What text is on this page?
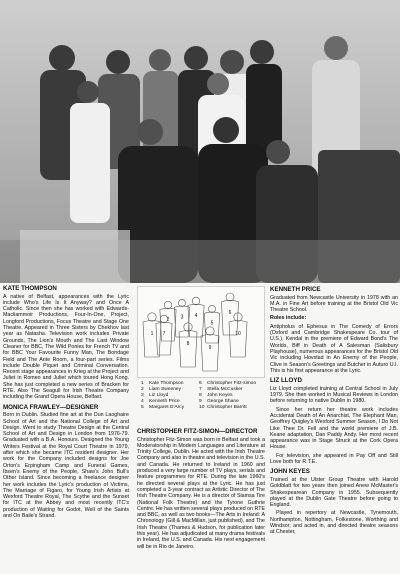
KATE THOMPSON

A native of Belfast, appearances with the Lyric include Who's Life Is It Anyway? and Once A Catholic. Since then she has worked with Edwards-Macliammoir Productions, Four-In-One, Project, Longford Productions, Focus Theatre and Stage One Theatre. Appeared in Three Sisters by Chekhov last year as Natasha. Television work includes Private Grounds, The Lion's Mouth and The Last Window Cleaner for BBC, The Wild Ponies for French TV and for BBC Your Favourite Funny Man, The Bondage Field and The Ante Room, a four-part series. Films include Double Piquet and Criminal Conversation. Recent stage appearances in Krieg at the Project and Juliet in Romeo and Juliet which toured Hong Kong. She has just completed a new series of Bracken for RTE. Also The Seagull for Irish Theatre Company including the Grand Opera House, Belfast.

MONICA FRAWLEY—DESIGNER

Born in Dublin. Studied fine art at the Dun Laoghaire School of Art and the National College of Art and Design. Went to study Theatre Design at the Central School of Art and Design in London from 1976-79. Graduated with a B.A. Honours. Designed the Young Writers Festival at the Royal Court Theatre in 1979, after which she became ITC resident designer. Her work for the Company included designs for Joe Orton's Erpingham Camp and Funeral Games, Ibsen's Enemy of the People, Shaw's John Bull's Other Island. Since becoming a freelance designer her work includes the Lyric's production of Victims, The Marriage of Figaro, for Young Irish Artists at Wexford Theatre Royal, The Scythe and the Sunset for ITC at the Abbey and most recently ITC's production of Waiting for Godot, Well of the Saints and On Baile's Strand.

1
2 3 4
5
6
7
8
9
10
1 Kate Thompson
2 Liam Sweeney
3 Liz Lloyd
4 Kenneth Price
5 Margaret D'Arcy
6 Christopher Fitz-simon
7 Stella McCusker
8 John Keyes
9 George Shane
10 Christopher Barritt
CHRISTOPHER FITZ-SIMON—DIRECTOR

Christopher Fitz-Simon was born in Belfast and took a Moderatorship in Modern Languages and Literature at Trinity College, Dublin. He acted with the Irish Theatre Company and also in theatre and television in the U.S. and Canada. He returned to Ireland in 1960 and produced a very large number of TV plays, serials and feature programmes for RTE. During the late 1960's he directed several plays at the Lyric. He has just completed a 3-year contract as Artistic Director of The Irish Theatre Company. He is a director of Siamsa Tire (National Folk Theatre) and the Tyrone Guthrie Centre. He has written several plays produced on RTE and BBC, as well as two books—The Arts in Ireland: A Chronology (Gill & MacMillan, just published), and The Irish Theatre (Thames & Hudson, for publication later this year). He has adjudicated at many drama festivals in Ireland, the U.S. and Canada. His next engagement will be in Rio de Janeiro.

KENNETH PRICE

Graduated from Newcastle University in 1978 with an M.A. in Fine Art before training at the Bristol Old Vic Theatre School.

Roles include:

Antipholus of Ephesus in The Comedy of Errors (Oxford and Cambridge Shakespeare Co. tour of U.S.), Kendal in the premiere of Edward Bond's The Worlds, Biff in Death of A Salesman (Salisbury Playhouse), numerous appearances for the Bristol Old Vic including Hovstad in An Enemy of the People, Clive in Season's Greetings and Butcher in Auturo U.I. This is his first appearance at the Lyric.

LIZ LLOYD

Liz Lloyd completed training at Central School in July 1979. She then worked in Musical Reviews in London before returning to native Dublin in 1980.

Since her return her theatre work includes Accidental Death of An Anarchist, The Elephant Man, Geoffrey Quigley's Wexford Summer Season, I Do Not Like Thee Dr. Fell and the world premiere of J.B. Keane adaptation, Dan Paddy Andy. Her most recent appearance was in Stage Struck at the Cork Opera House.

For television, she appeared in Pay Off and Still Love both for R.T.E.

JOHN KEYES

Trained at the Ulster Group Theatre with Harold Goldblatt for two years then joined Anew McMaster's Shakespearean Company in 1955. Subsequently played at the Dublin Gate Theatre before going to England.

Played in repertory at Newcastle, Tynemouth, Northampton, Nottingham, Folkestone, Worthing and Windsor; and acted in, and directed theatre seasons at Chester,
